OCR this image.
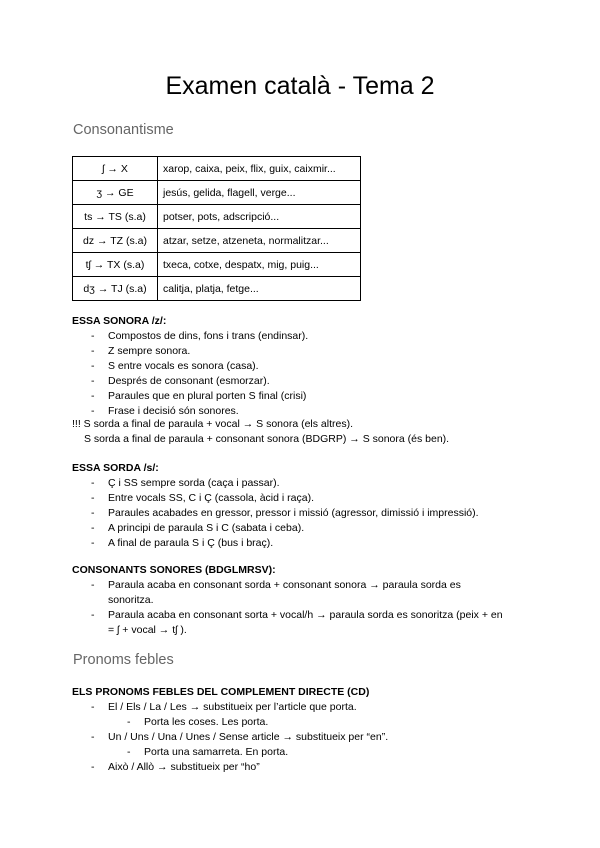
Examen català - Tema 2
Consonantisme
ʃ → X	xarop, caixa, peix, flix, guix, caixmir...
ʒ → GE	jesús, gelida, flagell, verge...
ts → TS (s.a)	potser, pots, adscripció...
dz → TZ (s.a)	atzar, setze, atzeneta, normalitzar...
tʃ → TX (s.a)	txeca, cotxe, despatx, mig, puig...
dʒ → TJ (s.a)	calitja, platja, fetge...
ESSA SONORA /z/:
- Compostos de dins, fons i trans (endinsar).
- Z sempre sonora.
- S entre vocals es sonora (casa).
- Després de consonant (esmorzar).
- Paraules que en plural porten S final (crisi)
- Frase i decisió són sonores.
!!! S sorda a final de paraula + vocal → S sonora (els altres).
S sorda a final de paraula + consonant sonora (BDGRP) → S sonora (és ben).
ESSA SORDA /s/:
- Ç i SS sempre sorda (caça i passar).
- Entre vocals SS, C i Ç (cassola, àcid i raça).
- Paraules acabades en gressor, pressor i missió (agressor, dimissió i impressió).
- A principi de paraula S i C (sabata i ceba).
- A final de paraula S i Ç (bus i braç).
CONSONANTS SONORES (BDGLMRSV):
- Paraula acaba en consonant sorda + consonant sonora → paraula sorda es
sonoritza.
- Paraula acaba en consonant sorta + vocal/h → paraula sorda es sonoritza (peix + en
= ʃ + vocal → tʃ ).
Pronoms febles
ELS PRONOMS FEBLES DEL COMPLEMENT DIRECTE (CD)
- El / Els / La / Les → substitueix per l’article que porta.
- Porta les coses. Les porta.
- Un / Uns / Una / Unes / Sense article → substitueix per “en”.
- Porta una samarreta. En porta.
- Això / Allò → substitueix per “ho”
